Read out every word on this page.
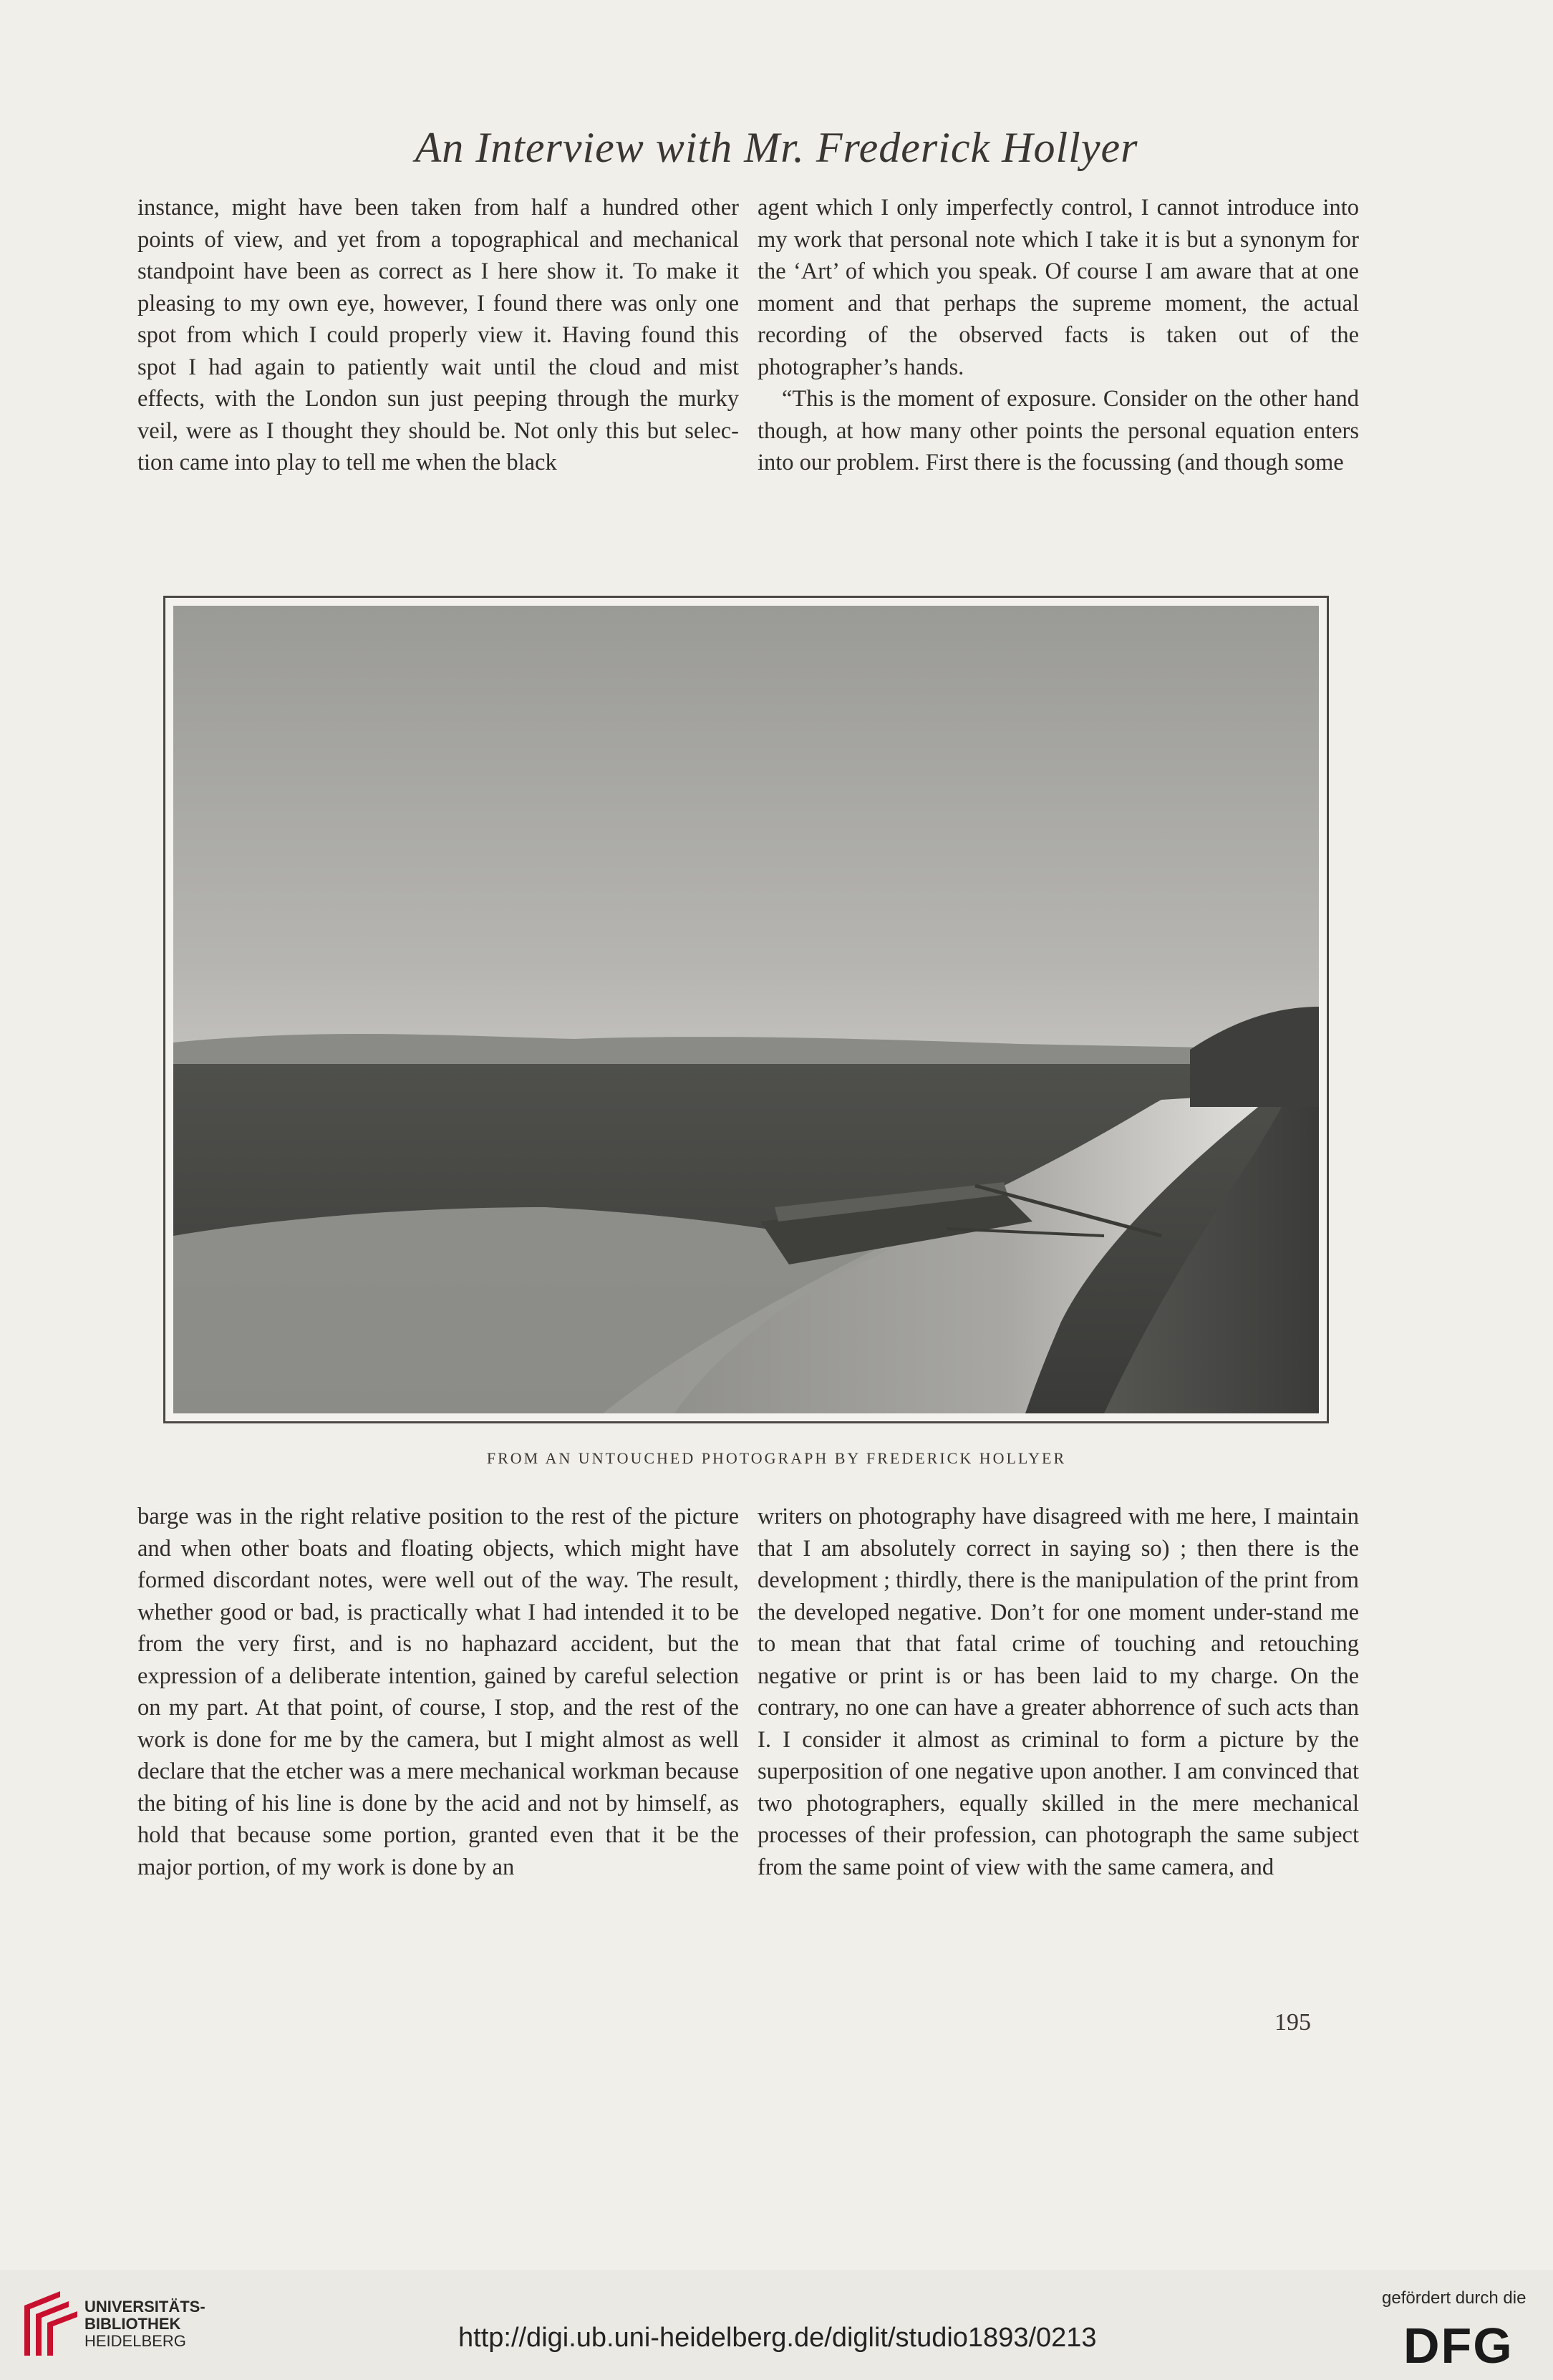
An Interview with Mr. Frederick Hollyer

instance, might have been taken from half a hundred other points of view, and yet from a topographical and mechanical standpoint have been as correct as I here show it. To make it pleasing to my own eye, however, I found there was only one spot from which I could properly view it. Having found this spot I had again to patiently wait until the cloud and mist effects, with the London sun just peeping through the murky veil, were as I thought they should be. Not only this but selec-tion came into play to tell me when the black

agent which I only imperfectly control, I cannot introduce into my work that personal note which I take it is but a synonym for the ‘Art’ of which you speak. Of course I am aware that at one moment and that perhaps the supreme moment, the actual recording of the observed facts is taken out of the photographer’s hands.

“This is the moment of exposure. Consider on the other hand though, at how many other points the personal equation enters into our problem. First there is the focussing (and though some

FROM AN UNTOUCHED PHOTOGRAPH BY FREDERICK HOLLYER

barge was in the right relative position to the rest of the picture and when other boats and floating objects, which might have formed discordant notes, were well out of the way. The result, whether good or bad, is practically what I had intended it to be from the very first, and is no haphazard accident, but the expression of a deliberate intention, gained by careful selection on my part. At that point, of course, I stop, and the rest of the work is done for me by the camera, but I might almost as well declare that the etcher was a mere mechanical workman because the biting of his line is done by the acid and not by himself, as hold that because some portion, granted even that it be the major portion, of my work is done by an

writers on photography have disagreed with me here, I maintain that I am absolutely correct in saying so) ; then there is the development ; thirdly, there is the manipulation of the print from the developed negative. Don’t for one moment under-stand me to mean that that fatal crime of touching and retouching negative or print is or has been laid to my charge. On the contrary, no one can have a greater abhorrence of such acts than I. I consider it almost as criminal to form a picture by the superposition of one negative upon another. I am convinced that two photographers, equally skilled in the mere mechanical processes of their profession, can photograph the same subject from the same point of view with the same camera, and

195
UNIVERSITÄTS-
BIBLIOTHEK
HEIDELBERG	http://digi.ub.uni-heidelberg.de/diglit/studio1893/0213
gefördert durch die
DFG
